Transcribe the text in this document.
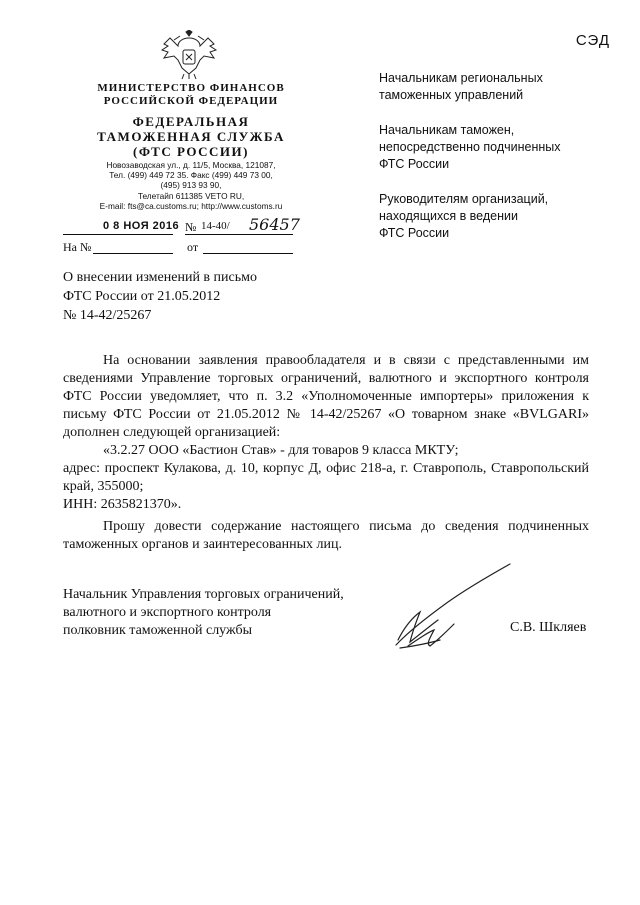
СЭД
МИНИСТЕРСТВО ФИНАНСОВ
РОССИЙСКОЙ ФЕДЕРАЦИИ
ФЕДЕРАЛЬНАЯ
ТАМОЖЕННАЯ СЛУЖБА
(ФТС РОССИИ)
Новозаводская ул., д. 11/5, Москва, 121087,
Тел. (499) 449 72 35. Факс (499) 449 73 00,
(495) 913 93 90,
Телетайп 611385 VETO RU,
E-mail: fts@ca.customs.ru; http://www.customs.ru
0 8 НОЯ 2016 № 14-40/ 56457
На №	от
О внесении изменений в письмо
ФТС России от 21.05.2012
№ 14-42/25267

Начальникам региональных
таможенных управлений

Начальникам таможен,
непосредственно подчиненных
ФТС России

Руководителям организаций,
находящихся в ведении
ФТС России

На основании заявления правообладателя и в связи с представленными им сведениями Управление торговых ограничений, валютного и экспортного контроля ФТС России уведомляет, что п. 3.2 «Уполномоченные импортеры» приложения к письму ФТС России от 21.05.2012 № 14-42/25267 «О товарном знаке «BVLGARI» дополнен следующей организацией:

«3.2.27 ООО «Бастион Став» - для товаров 9 класса МКТУ;

адрес: проспект Кулакова, д. 10, корпус Д, офис 218-а, г. Ставрополь, Ставропольский край, 355000;

ИНН: 2635821370».

Прошу довести содержание настоящего письма до сведения подчиненных таможенных органов и заинтересованных лиц.

Начальник Управления торговых ограничений,
валютного и экспортного контроля
полковник таможенной службы	С.В. Шкляев
